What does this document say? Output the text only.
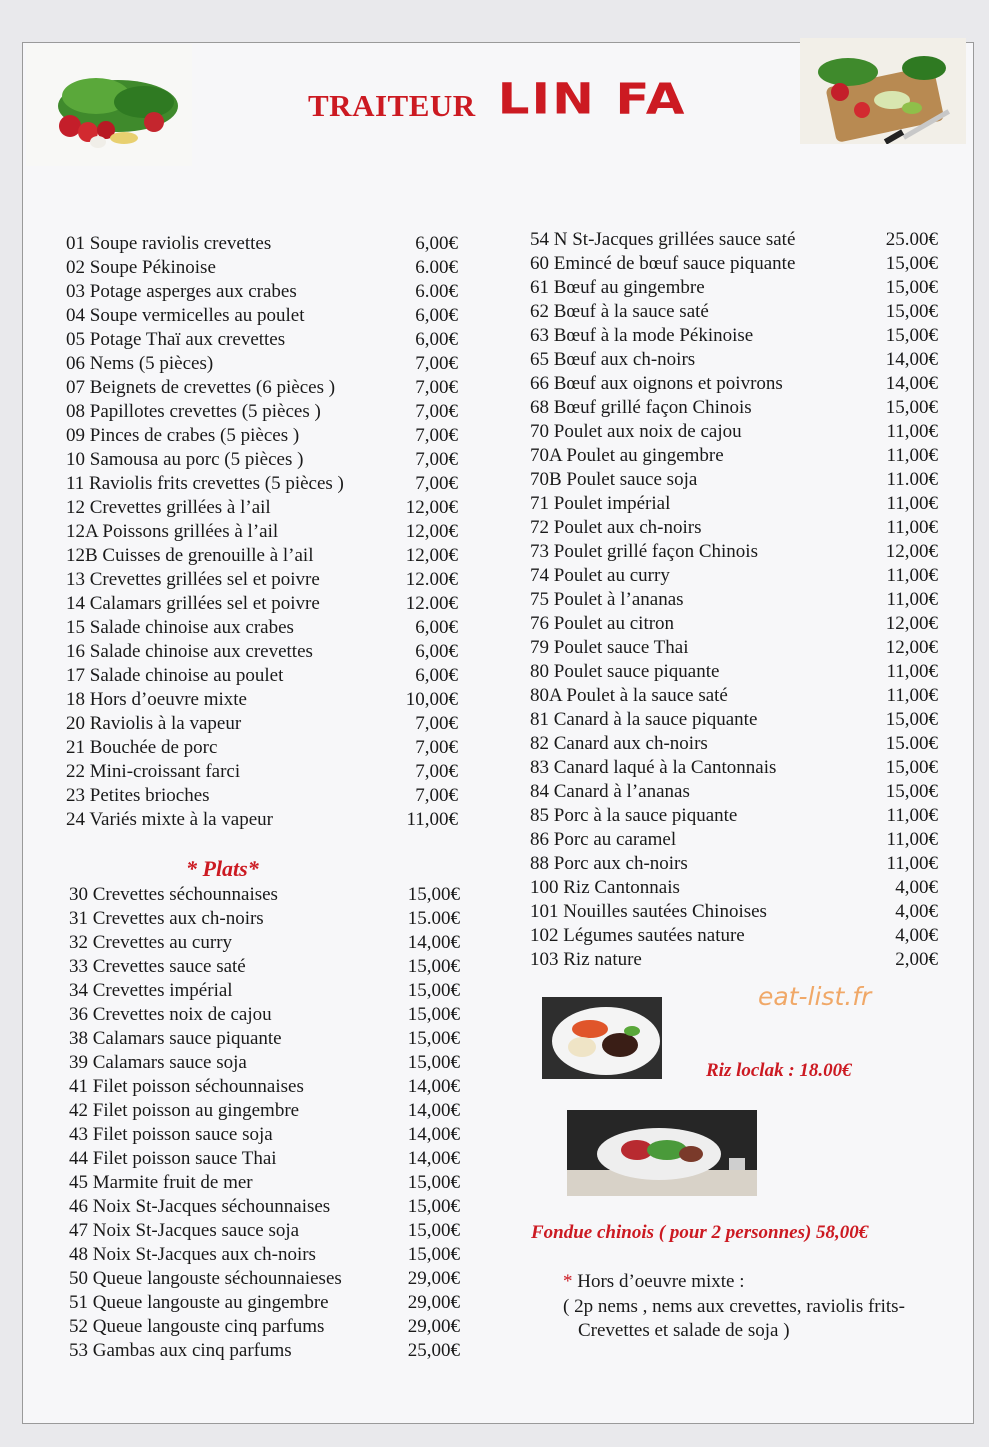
TRAITEUR LIN FA
01 Soupe raviolis crevettes	6,00€
02 Soupe Pékinoise	6.00€
03 Potage asperges aux crabes	6.00€
04 Soupe vermicelles au poulet	6,00€
05 Potage Thaï aux crevettes	6,00€
06 Nems (5 pièces)	7,00€
07 Beignets de crevettes (6 pièces )	7,00€
08 Papillotes crevettes (5 pièces )	7,00€
09 Pinces de crabes (5 pièces )	7,00€
10 Samousa au porc (5 pièces )	7,00€
11 Raviolis frits crevettes (5 pièces )	7,00€
12 Crevettes grillées à l’ail	12,00€
12A Poissons grillées à l’ail	12,00€
12B Cuisses de grenouille à l’ail	12,00€
13 Crevettes grillées sel et poivre	12.00€
14 Calamars grillées sel et poivre	12.00€
15 Salade chinoise aux crabes	6,00€
16 Salade chinoise aux crevettes	6,00€
17 Salade chinoise au poulet	6,00€
18 Hors d’oeuvre mixte	10,00€
20 Raviolis à la vapeur	7,00€
21 Bouchée de porc	7,00€
22 Mini-croissant farci	7,00€
23 Petites brioches	7,00€
24 Variés mixte à la vapeur	11,00€
* Plats*
30 Crevettes séchounnaises	15,00€
31 Crevettes aux ch-noirs	15.00€
32 Crevettes au curry	14,00€
33 Crevettes sauce saté	15,00€
34 Crevettes impérial	15,00€
36 Crevettes noix de cajou	15,00€
38 Calamars sauce piquante	15,00€
39 Calamars sauce soja	15,00€
41 Filet poisson séchounnaises	14,00€
42 Filet poisson au gingembre	14,00€
43 Filet poisson sauce soja	14,00€
44 Filet poisson sauce Thai	14,00€
45 Marmite fruit de mer	15,00€
46 Noix St-Jacques séchounnaises	15,00€
47 Noix St-Jacques sauce soja	15,00€
48 Noix St-Jacques aux ch-noirs	15,00€
50 Queue langouste séchounnaieses	29,00€
51 Queue langouste au gingembre	29,00€
52 Queue langouste cinq parfums	29,00€
53 Gambas aux cinq parfums	25,00€
54 N St-Jacques grillées sauce saté	25.00€
60 Emincé de bœuf sauce piquante	15,00€
61 Bœuf au gingembre	15,00€
62 Bœuf à la sauce saté	15,00€
63 Bœuf à la mode Pékinoise	15,00€
65 Bœuf aux ch-noirs	14,00€
66 Bœuf aux oignons et poivrons	14,00€
68 Bœuf grillé façon Chinois	15,00€
70 Poulet aux noix de cajou	11,00€
70A Poulet au gingembre	11,00€
70B Poulet sauce soja	11.00€
71 Poulet impérial	11,00€
72 Poulet aux ch-noirs	11,00€
73 Poulet grillé façon Chinois	12,00€
74 Poulet au curry	11,00€
75 Poulet à l’ananas	11,00€
76 Poulet au citron	12,00€
79 Poulet sauce Thai	12,00€
80 Poulet sauce piquante	11,00€
80A Poulet à la sauce saté	11,00€
81 Canard à la sauce piquante	15,00€
82 Canard aux ch-noirs	15.00€
83 Canard laqué à la Cantonnais	15,00€
84 Canard à l’ananas	15,00€
85 Porc à la sauce piquante	11,00€
86 Porc au caramel	11,00€
88 Porc aux ch-noirs	11,00€
100 Riz Cantonnais	4,00€
101 Nouilles sautées Chinoises	4,00€
102 Légumes sautées nature	4,00€
103 Riz nature	2,00€
eat-list.fr
Riz loclak : 18.00€
Fondue chinois ( pour 2 personnes) 58,00€
* Hors d’oeuvre mixte :
( 2p nems , nems aux crevettes, raviolis frits-
Crevettes et salade de soja )
